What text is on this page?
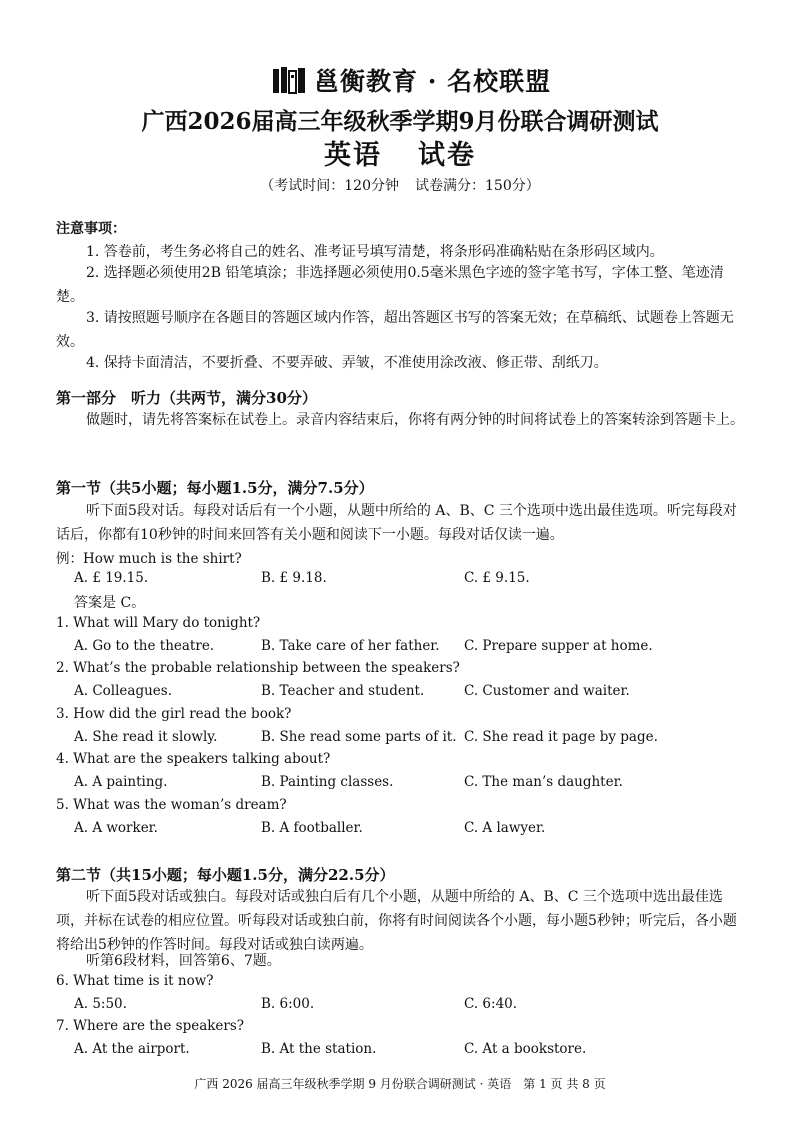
邕衡教育 · 名校联盟
广西2026届高三年级秋季学期9月份联合调研测试
英语 试卷
（考试时间：120分钟 试卷满分：150分）
注意事项：
1. 答卷前，考生务必将自己的姓名、准考证号填写清楚，将条形码准确粘贴在条形码区域内。
2. 选择题必须使用2B 铅笔填涂；非选择题必须使用0.5毫米黑色字迹的签字笔书写，字体工整、笔迹清楚。
3. 请按照题号顺序在各题目的答题区域内作答，超出答题区书写的答案无效；在草稿纸、试题卷上答题无效。
4. 保持卡面清洁，不要折叠、不要弄破、弄皱，不准使用涂改液、修正带、刮纸刀。
第一部分　听力（共两节，满分30分）
做题时，请先将答案标在试卷上。录音内容结束后，你将有两分钟的时间将试卷上的答案转涂到答题卡上。
第一节（共5小题；每小题1.5分，满分7.5分）
听下面5段对话。每段对话后有一个小题，从题中所给的 A、B、C 三个选项中选出最佳选项。听完每段对话后，你都有10秒钟的时间来回答有关小题和阅读下一小题。每段对话仅读一遍。
例：How much is the shirt?
A. £ 19.15.	B. £ 9.18.	C. £ 9.15.
答案是 C。
1. What will Mary do tonight?
A. Go to the theatre.	B. Take care of her father. C. Prepare supper at home.
2. What’s the probable relationship between the speakers?
A. Colleagues.	B. Teacher and student.	C. Customer and waiter.
3. How did the girl read the book?
A. She read it slowly.	B. She read some parts of it. C. She read it page by page.
4. What are the speakers talking about?
A. A painting.	B. Painting classes.	C. The man’s daughter.
5. What was the woman’s dream?
A. A worker.	B. A footballer.	C. A lawyer.
第二节（共15小题；每小题1.5分，满分22.5分）
听下面5段对话或独白。每段对话或独白后有几个小题，从题中所给的 A、B、C 三个选项中选出最佳选项，并标在试卷的相应位置。听每段对话或独白前，你将有时间阅读各个小题，每小题5秒钟；听完后，各小题将给出5秒钟的作答时间。每段对话或独白读两遍。
听第6段材料，回答第6、7题。
6. What time is it now?
A. 5:50.	B. 6:00.	C. 6:40.
7. Where are the speakers?
A. At the airport.	B. At the station.	C. At a bookstore.
广西 2026 届高三年级秋季学期 9 月份联合调研测试 · 英语　第 1 页 共 8 页
